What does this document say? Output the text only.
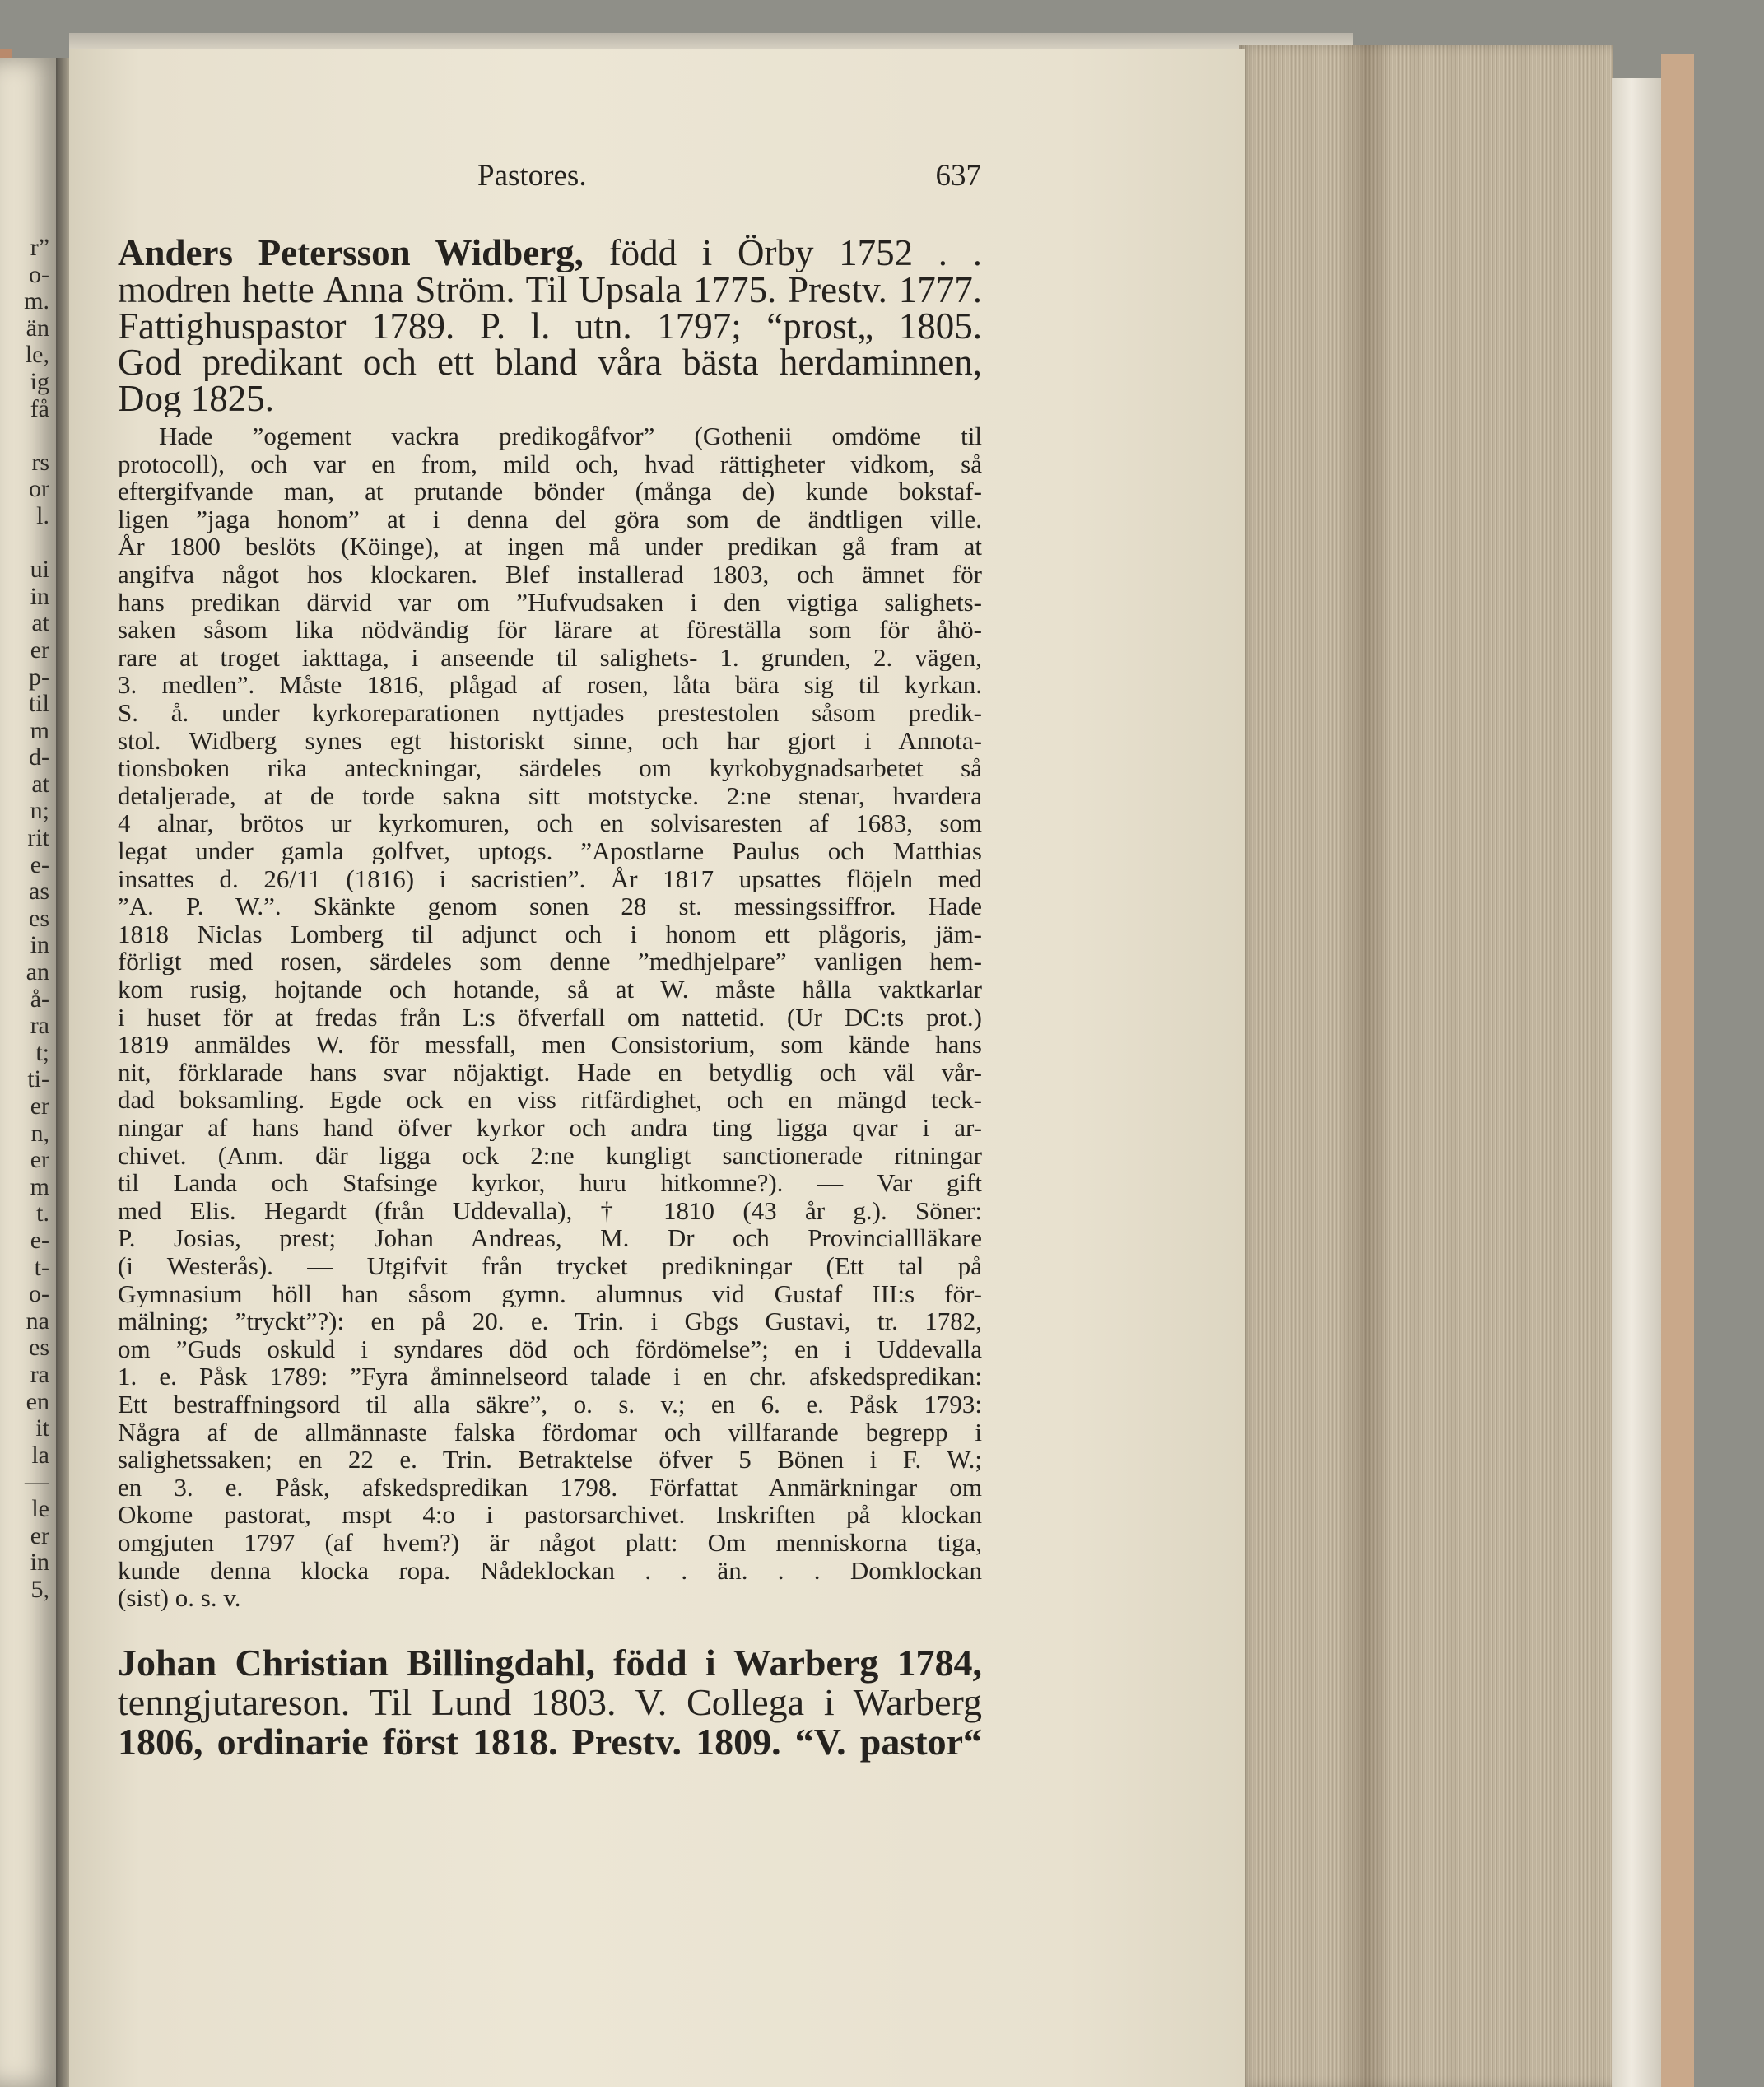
r”
o-
m.
än
le,
ig
få
rs
or
l.
ui
in
at
er
p-
til
m
d-
at
n;
rit
e-
as
es
in
an
å-
ra
t;
ti-
er
n,
er
m
t.
e-
t-
o-
na
es
ra
en
it
la
—
le
er
in
5,
Pastores.	637
Anders Petersson Widberg, född i Örby 1752 . .
modren hette Anna Ström. Til Upsala 1775. Prestv. 1777.
Fattighuspastor 1789. P. l. utn. 1797; “prost„ 1805.
God predikant och ett bland våra bästa herdaminnen,
Dog 1825.
Hade ”ogement vackra predikogåfvor” (Gothenii omdöme til
protocoll), och var en from, mild och, hvad rättigheter vidkom, så
eftergifvande man, at prutande bönder (många de) kunde bokstaf-
ligen ”jaga honom” at i denna del göra som de ändtligen ville.
År 1800 beslöts (Köinge), at ingen må under predikan gå fram at
angifva något hos klockaren. Blef installerad 1803, och ämnet för
hans predikan därvid var om ”Hufvudsaken i den vigtiga salighets-
saken såsom lika nödvändig för lärare at föreställa som för åhö-
rare at troget iakttaga, i anseende til salighets- 1. grunden, 2. vägen,
3. medlen”. Måste 1816, plågad af rosen, låta bära sig til kyrkan.
S. å. under kyrkoreparationen nyttjades prestestolen såsom predik-
stol. Widberg synes egt historiskt sinne, och har gjort i Annota-
tionsboken rika anteckningar, särdeles om kyrkobygnadsarbetet så
detaljerade, at de torde sakna sitt motstycke. 2:ne stenar, hvardera
4 alnar, brötos ur kyrkomuren, och en solvisaresten af 1683, som
legat under gamla golfvet, uptogs. ”Apostlarne Paulus och Matthias
insattes d. 26/11 (1816) i sacristien”. År 1817 upsattes flöjeln med
”A. P. W.”. Skänkte genom sonen 28 st. messingssiffror. Hade
1818 Niclas Lomberg til adjunct och i honom ett plågoris, jäm-
förligt med rosen, särdeles som denne ”medhjelpare” vanligen hem-
kom rusig, hojtande och hotande, så at W. måste hålla vaktkarlar
i huset för at fredas från L:s öfverfall om nattetid. (Ur DC:ts prot.)
1819 anmäldes W. för messfall, men Consistorium, som kände hans
nit, förklarade hans svar nöjaktigt. Hade en betydlig och väl vår-
dad boksamling. Egde ock en viss ritfärdighet, och en mängd teck-
ningar af hans hand öfver kyrkor och andra ting ligga qvar i ar-
chivet. (Anm. där ligga ock 2:ne kungligt sanctionerade ritningar
til Landa och Stafsinge kyrkor, huru hitkomne?). — Var gift
med Elis. Hegardt (från Uddevalla), † 1810 (43 år g.). Söner:
P. Josias, prest; Johan Andreas, M. Dr och Provinciallläkare
(i Westerås). — Utgifvit från trycket predikningar (Ett tal på
Gymnasium höll han såsom gymn. alumnus vid Gustaf III:s för-
mälning; ”tryckt”?): en på 20. e. Trin. i Gbgs Gustavi, tr. 1782,
om ”Guds oskuld i syndares död och fördömelse”; en i Uddevalla
1. e. Påsk 1789: ”Fyra åminnelseord talade i en chr. afskedspredikan:
Ett bestraffningsord til alla säkre”, o. s. v.; en 6. e. Påsk 1793:
Några af de allmännaste falska fördomar och villfarande begrepp i
salighetssaken; en 22 e. Trin. Betraktelse öfver 5 Bönen i F. W.;
en 3. e. Påsk, afskedspredikan 1798. Författat Anmärkningar om
Okome pastorat, mspt 4:o i pastorsarchivet. Inskriften på klockan
omgjuten 1797 (af hvem?) är något platt: Om menniskorna tiga,
kunde denna klocka ropa. Nådeklockan . . än. . . Domklockan
(sist) o. s. v.
Johan Christian Billingdahl, född i Warberg 1784,
tenngjutareson. Til Lund 1803. V. Collega i Warberg
1806, ordinarie först 1818. Prestv. 1809. “V. pastor“
